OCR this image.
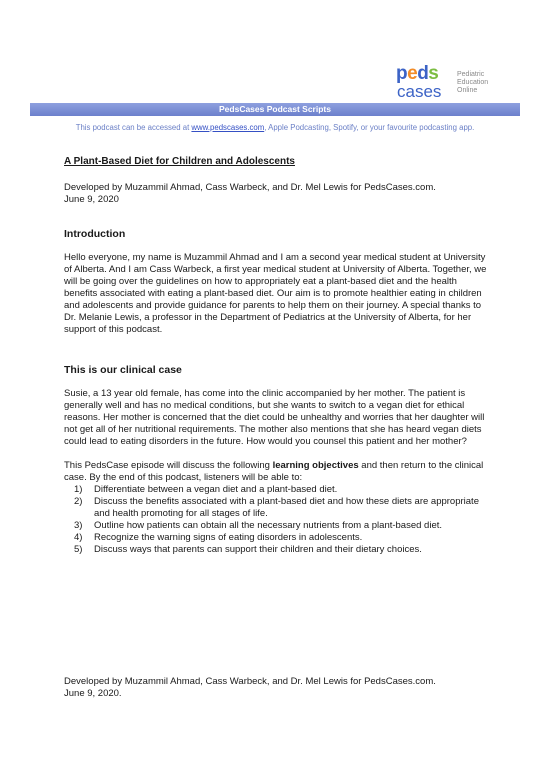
peds
cases
Pediatric
Education
Online
PedsCases Podcast Scripts
This podcast can be accessed at www.pedscases.com, Apple Podcasting, Spotify, or your favourite podcasting app.

A Plant-Based Diet for Children and Adolescents

Developed by Muzammil Ahmad, Cass Warbeck, and Dr. Mel Lewis for PedsCases.com.

June 9, 2020

Introduction

Hello everyone, my name is Muzammil Ahmad and I am a second year medical student at University of Alberta. And I am Cass Warbeck, a first year medical student at University of Alberta. Together, we will be going over the guidelines on how to appropriately eat a plant-based diet and the health benefits associated with eating a plant-based diet. Our aim is to promote healthier eating in children and adolescents and provide guidance for parents to help them on their journey. A special thanks to Dr. Melanie Lewis, a professor in the Department of Pediatrics at the University of Alberta, for her support of this podcast.

This is our clinical case

Susie, a 13 year old female, has come into the clinic accompanied by her mother. The patient is generally well and has no medical conditions, but she wants to switch to a vegan diet for ethical reasons. Her mother is concerned that the diet could be unhealthy and worries that her daughter will not get all of her nutritional requirements. The mother also mentions that she has heard vegan diets could lead to eating disorders in the future. How would you counsel this patient and her mother?

This PedsCase episode will discuss the following learning objectives and then return to the clinical case. By the end of this podcast, listeners will be able to:

1) Differentiate between a vegan diet and a plant-based diet.
2) Discuss the benefits associated with a plant-based diet and how these diets are appropriate and health promoting for all stages of life.
3) Outline how patients can obtain all the necessary nutrients from a plant-based diet.
4) Recognize the warning signs of eating disorders in adolescents.
5) Discuss ways that parents can support their children and their dietary choices.

Developed by Muzammil Ahmad, Cass Warbeck, and Dr. Mel Lewis for PedsCases.com.

June 9, 2020.
